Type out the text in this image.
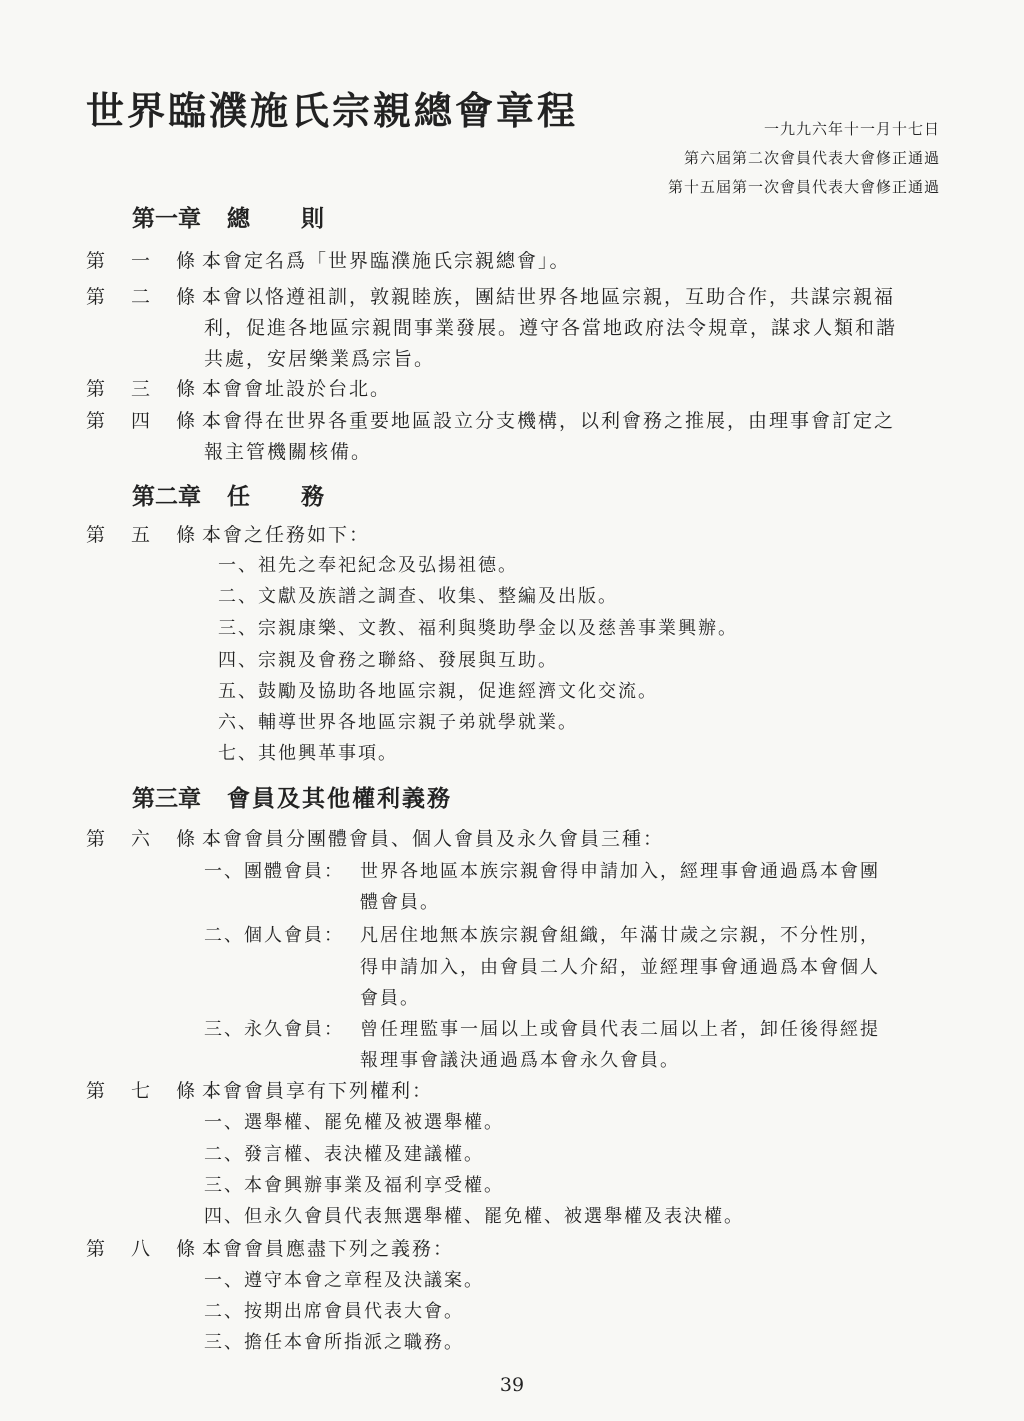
世界臨濮施氏宗親總會章程	一九九六年十一月十七日
第六屆第二次會員代表大會修正通過
第十五屆第一次會員代表大會修正通過
第一章 總　則
第 一 條：本會定名爲「世界臨濮施氏宗親總會」。
第 二 條：本會以恪遵祖訓，敦親睦族，團結世界各地區宗親，互助合作，共謀宗親福
利，促進各地區宗親間事業發展。遵守各當地政府法令規章，謀求人類和諧
共處，安居樂業爲宗旨。
第 三 條：本會會址設於台北。
第 四 條：本會得在世界各重要地區設立分支機構，以利會務之推展，由理事會訂定之
報主管機關核備。
第二章 任　務
第 五 條：本會之任務如下：
一、祖先之奉祀紀念及弘揚祖德。
二、文獻及族譜之調查、收集、整編及出版。
三、宗親康樂、文教、福利與獎助學金以及慈善事業興辦。
四、宗親及會務之聯絡、發展與互助。
五、鼓勵及協助各地區宗親，促進經濟文化交流。
六、輔導世界各地區宗親子弟就學就業。
七、其他興革事項。
第三章 會員及其他權利義務
第 六 條：本會會員分團體會員、個人會員及永久會員三種：
一、團體會員： 世界各地區本族宗親會得申請加入，經理事會通過爲本會團
體會員。
二、個人會員： 凡居住地無本族宗親會組織，年滿廿歲之宗親，不分性別，
得申請加入，由會員二人介紹，並經理事會通過爲本會個人
會員。
三、永久會員： 曾任理監事一屆以上或會員代表二屆以上者，卸任後得經提
報理事會議決通過爲本會永久會員。
第 七 條：本會會員享有下列權利：
一、選舉權、罷免權及被選舉權。
二、發言權、表決權及建議權。
三、本會興辦事業及福利享受權。
四、但永久會員代表無選舉權、罷免權、被選舉權及表決權。
第 八 條：本會會員應盡下列之義務：
一、遵守本會之章程及決議案。
二、按期出席會員代表大會。
三、擔任本會所指派之職務。
39
